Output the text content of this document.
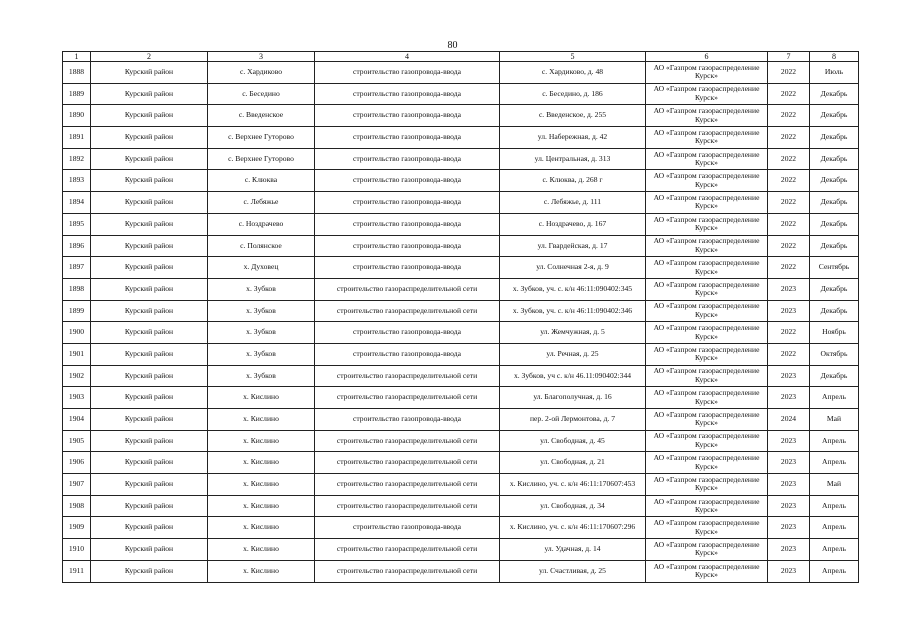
80
1	2	3	4	5	6	7	8
1888	Курский район	с. Хардиково	строительство газопровода-ввода	с. Хардиково, д. 48	АО «Газпром газораспределение Курск»	2022	Июль
1889	Курский район	с. Беседино	строительство газопровода-ввода	с. Беседино, д. 186	АО «Газпром газораспределение Курск»	2022	Декабрь
1890	Курский район	с. Введенское	строительство газопровода-ввода	с. Введенское, д. 255	АО «Газпром газораспределение Курск»	2022	Декабрь
1891	Курский район	с. Верхнее Гуторово	строительство газопровода-ввода	ул. Набережная, д. 42	АО «Газпром газораспределение Курск»	2022	Декабрь
1892	Курский район	с. Верхнее Гуторово	строительство газопровода-ввода	ул. Центральная, д. 313	АО «Газпром газораспределение Курск»	2022	Декабрь
1893	Курский район	с. Клюква	строительство газопровода-ввода	с. Клюква, д. 268 г	АО «Газпром газораспределение Курск»	2022	Декабрь
1894	Курский район	с. Лебяжье	строительство газопровода-ввода	с. Лебяжье, д. 111	АО «Газпром газораспределение Курск»	2022	Декабрь
1895	Курский район	с. Ноздрачево	строительство газопровода-ввода	с. Ноздрачево, д. 167	АО «Газпром газораспределение Курск»	2022	Декабрь
1896	Курский район	с. Полянское	строительство газопровода-ввода	ул. Гвардейская, д. 17	АО «Газпром газораспределение Курск»	2022	Декабрь
1897	Курский район	х. Духовец	строительство газопровода-ввода	ул. Солнечная 2-я, д. 9	АО «Газпром газораспределение Курск»	2022	Сентябрь
1898	Курский район	х. Зубков	строительство газораспределительной сети	х. Зубков, уч. с. к/н 46:11:090402:345	АО «Газпром газораспределение Курск»	2023	Декабрь
1899	Курский район	х. Зубков	строительство газораспределительной сети	х. Зубков, уч. с. к/н 46:11:090402:346	АО «Газпром газораспределение Курск»	2023	Декабрь
1900	Курский район	х. Зубков	строительство газопровода-ввода	ул. Жемчужная, д. 5	АО «Газпром газораспределение Курск»	2022	Ноябрь
1901	Курский район	х. Зубков	строительство газопровода-ввода	ул. Речная, д. 25	АО «Газпром газораспределение Курск»	2022	Октябрь
1902	Курский район	х. Зубков	строительство газораспределительной сети	х. Зубков, уч с. к/н 46.11:090402:344	АО «Газпром газораспределение Курск»	2023	Декабрь
1903	Курский район	х. Кислино	строительство газораспределительной сети	ул. Благополучная, д. 16	АО «Газпром газораспределение Курск»	2023	Апрель
1904	Курский район	х. Кислино	строительство газопровода-ввода	пер. 2-ой Лермонтова, д. 7	АО «Газпром газораспределение Курск»	2024	Май
1905	Курский район	х. Кислино	строительство газораспределительной сети	ул. Свободная, д. 45	АО «Газпром газораспределение Курск»	2023	Апрель
1906	Курский район	х. Кислино	строительство газораспределительной сети	ул. Свободная, д. 21	АО «Газпром газораспределение Курск»	2023	Апрель
1907	Курский район	х. Кислино	строительство газораспределительной сети	х. Кислино, уч. с. к/н 46:11:170607:453	АО «Газпром газораспределение Курск»	2023	Май
1908	Курский район	х. Кислино	строительство газораспределительной сети	ул. Свободная, д. 34	АО «Газпром газораспределение Курск»	2023	Апрель
1909	Курский район	х. Кислино	строительство газопровода-ввода	х. Кислино, уч. с. к/н 46:11:170607:296	АО «Газпром газораспределение Курск»	2023	Апрель
1910	Курский район	х. Кислино	строительство газораспределительной сети	ул. Удачная, д. 14	АО «Газпром газораспределение Курск»	2023	Апрель
1911	Курский район	х. Кислино	строительство газораспределительной сети	ул. Счастливая, д. 25	АО «Газпром газораспределение Курск»	2023	Апрель
